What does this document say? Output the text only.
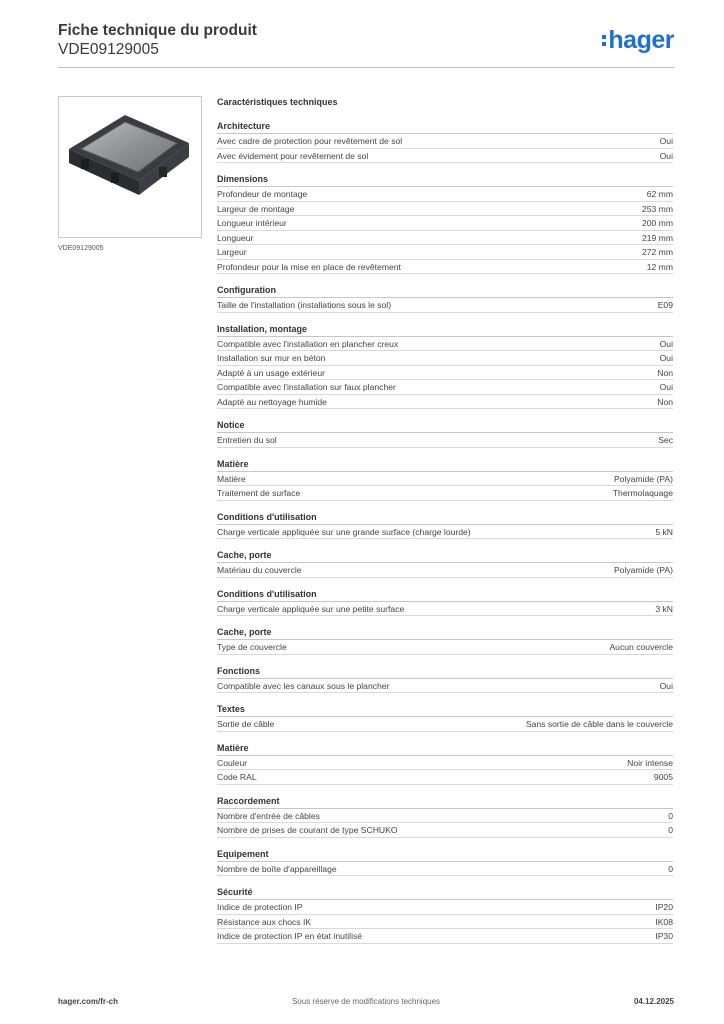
Fiche technique du produit
VDE09129005	hager
VDE09129005
Caractéristiques techniques
Architecture
Avec cadre de protection pour revêtement de sol	Oui
Avec évidement pour revêtement de sol	Oui
Dimensions
Profondeur de montage	62 mm
Largeur de montage	253 mm
Longueur intérieur	200 mm
Longueur	219 mm
Largeur	272 mm
Profondeur pour la mise en place de revêtement	12 mm
Configuration
Taille de l'installation (installations sous le sol)	E09
Installation, montage
Compatible avec l'installation en plancher creux	Oui
Installation sur mur en béton	Oui
Adapté à un usage extérieur	Non
Compatible avec l'installation sur faux plancher	Oui
Adapté au nettoyage humide	Non
Notice
Entretien du sol	Sec
Matière
Matière	Polyamide (PA)
Traitement de surface	Thermolaquage
Conditions d'utilisation
Charge verticale appliquée sur une grande surface (charge lourde)	5 kN
Cache, porte
Matériau du couvercle	Polyamide (PA)
Conditions d'utilisation
Charge verticale appliquée sur une petite surface	3 kN
Cache, porte
Type de couvercle	Aucun couvercle
Fonctions
Compatible avec les canaux sous le plancher	Oui
Textes
Sortie de câble	Sans sortie de câble dans le couvercle
Matière
Couleur	Noir intense
Code RAL	9005
Raccordement
Nombre d'entrée de câbles	0
Nombre de prises de courant de type SCHUKO	0
Equipement
Nombre de boîte d'appareillage	0
Sécurité
Indice de protection IP	IP20
Résistance aux chocs IK	IK08
Indice de protection IP en état inutilisé	IP30
Sous réserve de modifications techniques
hager.com/fr-ch	04.12.2025
